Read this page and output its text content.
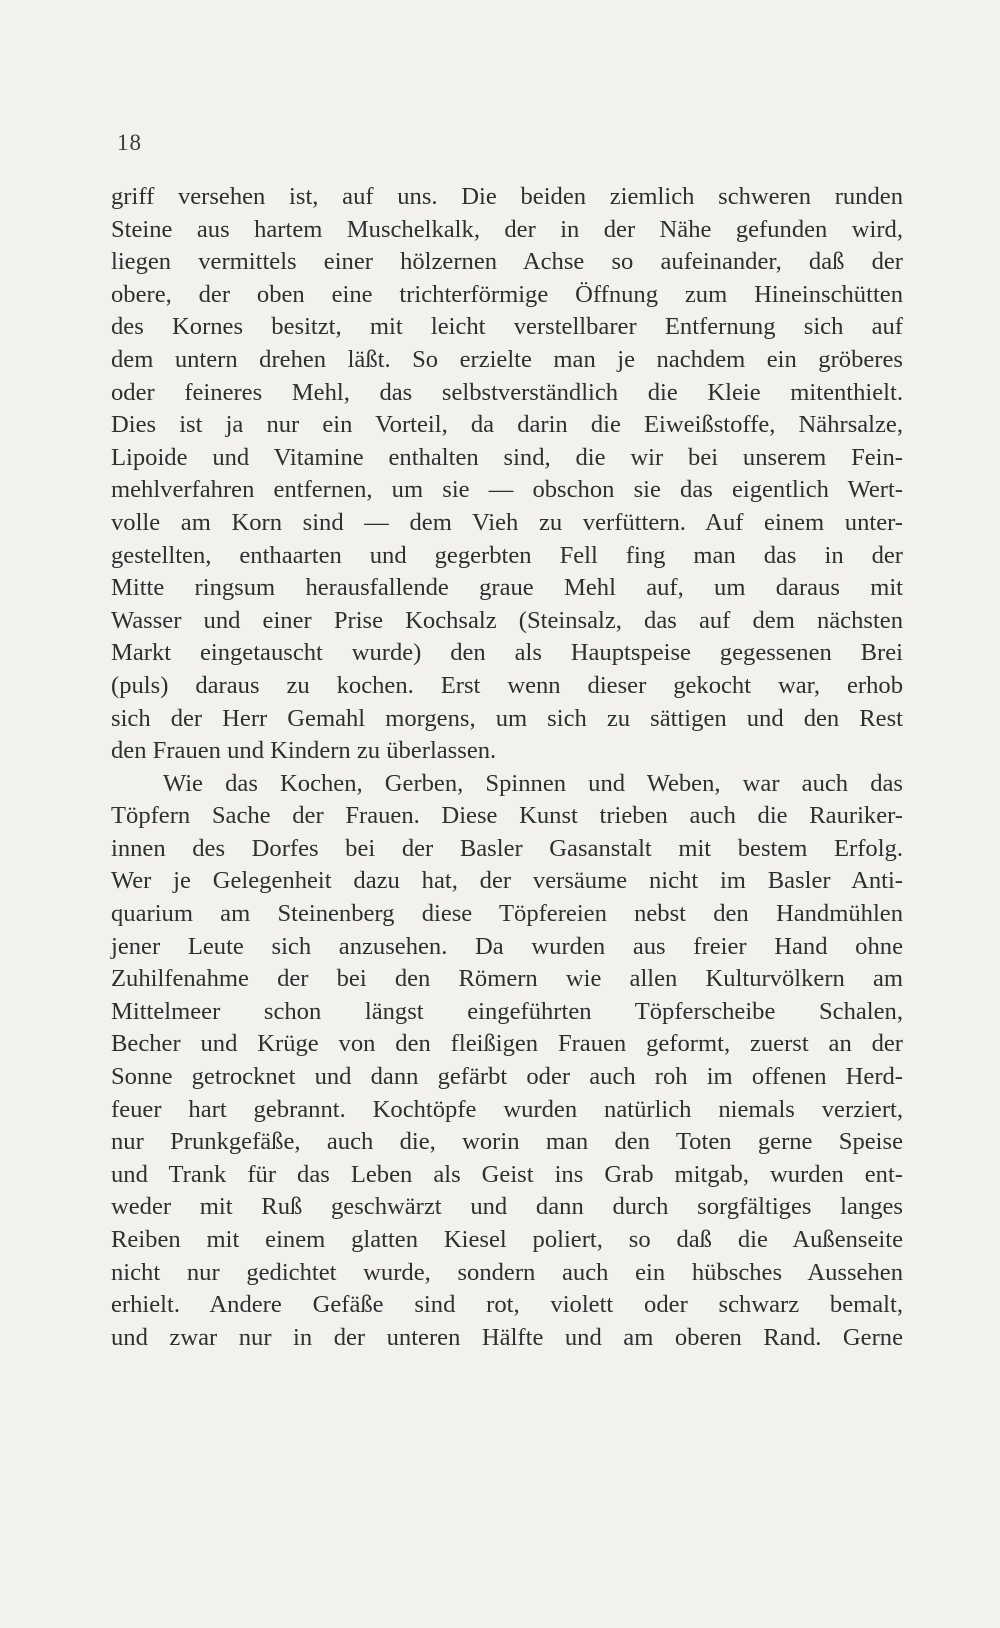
18
griff versehen ist, auf uns. Die beiden ziemlich schweren runden
Steine aus hartem Muschelkalk, der in der Nähe gefunden wird,
liegen vermittels einer hölzernen Achse so aufeinander, daß der
obere, der oben eine trichterförmige Öffnung zum Hineinschütten
des Kornes besitzt, mit leicht verstellbarer Entfernung sich auf
dem untern drehen läßt. So erzielte man je nachdem ein gröberes
oder feineres Mehl, das selbstverständlich die Kleie mitenthielt.
Dies ist ja nur ein Vorteil, da darin die Eiweißstoffe, Nährsalze,
Lipoide und Vitamine enthalten sind, die wir bei unserem Fein-
mehlverfahren entfernen, um sie — obschon sie das eigentlich Wert-
volle am Korn sind — dem Vieh zu verfüttern. Auf einem unter-
gestellten, enthaarten und gegerbten Fell fing man das in der
Mitte ringsum herausfallende graue Mehl auf, um daraus mit
Wasser und einer Prise Kochsalz (Steinsalz, das auf dem nächsten
Markt eingetauscht wurde) den als Hauptspeise gegessenen Brei
(puls) daraus zu kochen. Erst wenn dieser gekocht war, erhob
sich der Herr Gemahl morgens, um sich zu sättigen und den Rest
den Frauen und Kindern zu überlassen.
Wie das Kochen, Gerben, Spinnen und Weben, war auch das
Töpfern Sache der Frauen. Diese Kunst trieben auch die Rauriker-
innen des Dorfes bei der Basler Gasanstalt mit bestem Erfolg.
Wer je Gelegenheit dazu hat, der versäume nicht im Basler Anti-
quarium am Steinenberg diese Töpfereien nebst den Handmühlen
jener Leute sich anzusehen. Da wurden aus freier Hand ohne
Zuhilfenahme der bei den Römern wie allen Kulturvölkern am
Mittelmeer schon längst eingeführten Töpferscheibe Schalen,
Becher und Krüge von den fleißigen Frauen geformt, zuerst an der
Sonne getrocknet und dann gefärbt oder auch roh im offenen Herd-
feuer hart gebrannt. Kochtöpfe wurden natürlich niemals verziert,
nur Prunkgefäße, auch die, worin man den Toten gerne Speise
und Trank für das Leben als Geist ins Grab mitgab, wurden ent-
weder mit Ruß geschwärzt und dann durch sorgfältiges langes
Reiben mit einem glatten Kiesel poliert, so daß die Außenseite
nicht nur gedichtet wurde, sondern auch ein hübsches Aussehen
erhielt. Andere Gefäße sind rot, violett oder schwarz bemalt,
und zwar nur in der unteren Hälfte und am oberen Rand. Gerne
